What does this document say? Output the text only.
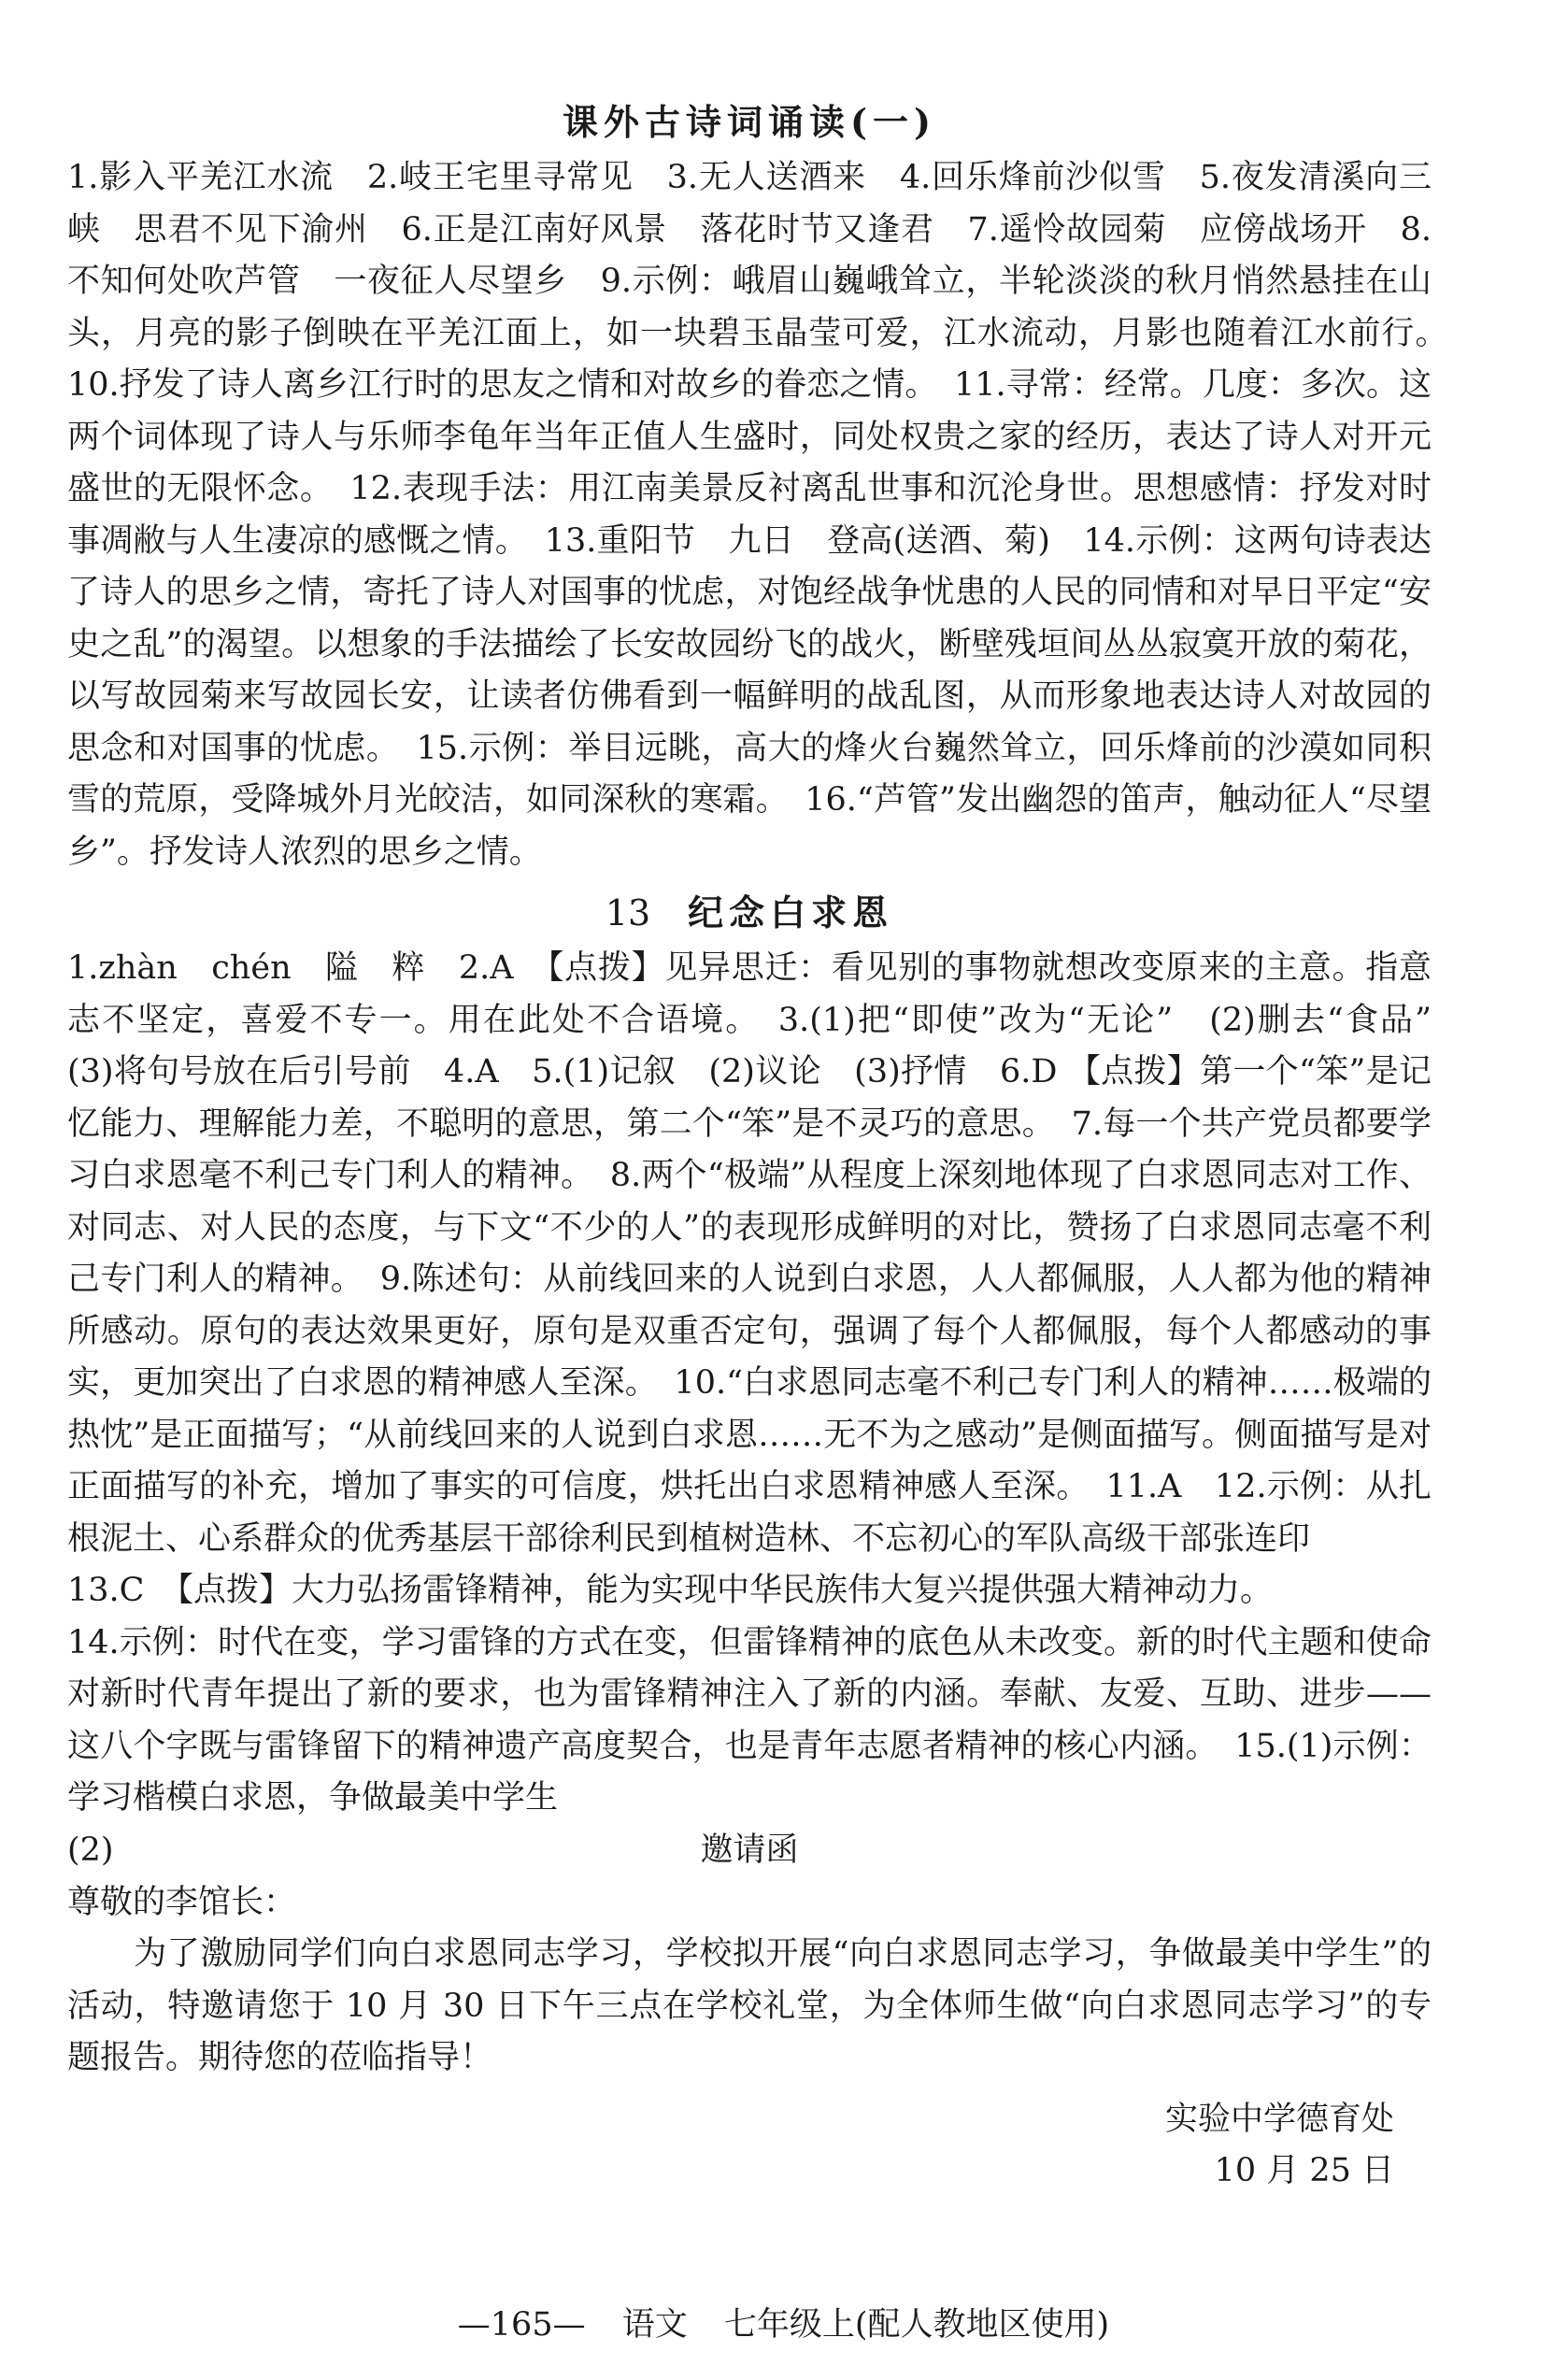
课外古诗词诵读(一)

1.影入平羌江水流　2.岐王宅里寻常见　3.无人送酒来　4.回乐烽前沙似雪　5.夜发清溪向三峡　思君不见下渝州　6.正是江南好风景　落花时节又逢君　7.遥怜故园菊　应傍战场开　8.不知何处吹芦管　一夜征人尽望乡　9.示例：峨眉山巍峨耸立，半轮淡淡的秋月悄然悬挂在山头，月亮的影子倒映在平羌江面上，如一块碧玉晶莹可爱，江水流动，月影也随着江水前行。　10.抒发了诗人离乡江行时的思友之情和对故乡的眷恋之情。　11.寻常：经常。几度：多次。这两个词体现了诗人与乐师李龟年当年正值人生盛时，同处权贵之家的经历，表达了诗人对开元盛世的无限怀念。　12.表现手法：用江南美景反衬离乱世事和沉沦身世。思想感情：抒发对时事凋敝与人生凄凉的感慨之情。　13.重阳节　九日　登高(送酒、菊)　14.示例：这两句诗表达了诗人的思乡之情，寄托了诗人对国事的忧虑，对饱经战争忧患的人民的同情和对早日平定“安史之乱”的渴望。以想象的手法描绘了长安故园纷飞的战火，断壁残垣间丛丛寂寞开放的菊花，以写故园菊来写故园长安，让读者仿佛看到一幅鲜明的战乱图，从而形象地表达诗人对故园的思念和对国事的忧虑。　15.示例：举目远眺，高大的烽火台巍然耸立，回乐烽前的沙漠如同积雪的荒原，受降城外月光皎洁，如同深秋的寒霜。　16.“芦管”发出幽怨的笛声，触动征人“尽望乡”。抒发诗人浓烈的思乡之情。

13 纪念白求恩

1.zhàn　chén　隘　粹　2.A　【点拨】见异思迁：看见别的事物就想改变原来的主意。指意志不坚定，喜爱不专一。用在此处不合语境。　3.(1)把“即使”改为“无论”　(2)删去“食品”　(3)将句号放在后引号前　4.A　5.(1)记叙　(2)议论　(3)抒情　6.D 【点拨】第一个“笨”是记忆能力、理解能力差，不聪明的意思，第二个“笨”是不灵巧的意思。　7.每一个共产党员都要学习白求恩毫不利己专门利人的精神。　8.两个“极端”从程度上深刻地体现了白求恩同志对工作、对同志、对人民的态度，与下文“不少的人”的表现形成鲜明的对比，赞扬了白求恩同志毫不利己专门利人的精神。　9.陈述句：从前线回来的人说到白求恩，人人都佩服，人人都为他的精神所感动。原句的表达效果更好，原句是双重否定句，强调了每个人都佩服，每个人都感动的事实，更加突出了白求恩的精神感人至深。　10.“白求恩同志毫不利己专门利人的精神……极端的热忱”是正面描写；“从前线回来的人说到白求恩……无不为之感动”是侧面描写。侧面描写是对正面描写的补充，增加了事实的可信度，烘托出白求恩精神感人至深。　11.A　12.示例：从扎根泥土、心系群众的优秀基层干部徐利民到植树造林、不忘初心的军队高级干部张连印

13.C　【点拨】大力弘扬雷锋精神，能为实现中华民族伟大复兴提供强大精神动力。

14.示例：时代在变，学习雷锋的方式在变，但雷锋精神的底色从未改变。新的时代主题和使命对新时代青年提出了新的要求，也为雷锋精神注入了新的内涵。奉献、友爱、互助、进步——这八个字既与雷锋留下的精神遗产高度契合，也是青年志愿者精神的核心内涵。　15.(1)示例：学习楷模白求恩，争做最美中学生

(2)	邀请函

尊敬的李馆长：

　　为了激励同学们向白求恩同志学习，学校拟开展“向白求恩同志学习，争做最美中学生”的活动，特邀请您于 10 月 30 日下午三点在学校礼堂，为全体师生做“向白求恩同志学习”的专题报告。期待您的莅临指导！

实验中学德育处
10 月 25 日
—165— 语文 七年级上(配人教地区使用)
